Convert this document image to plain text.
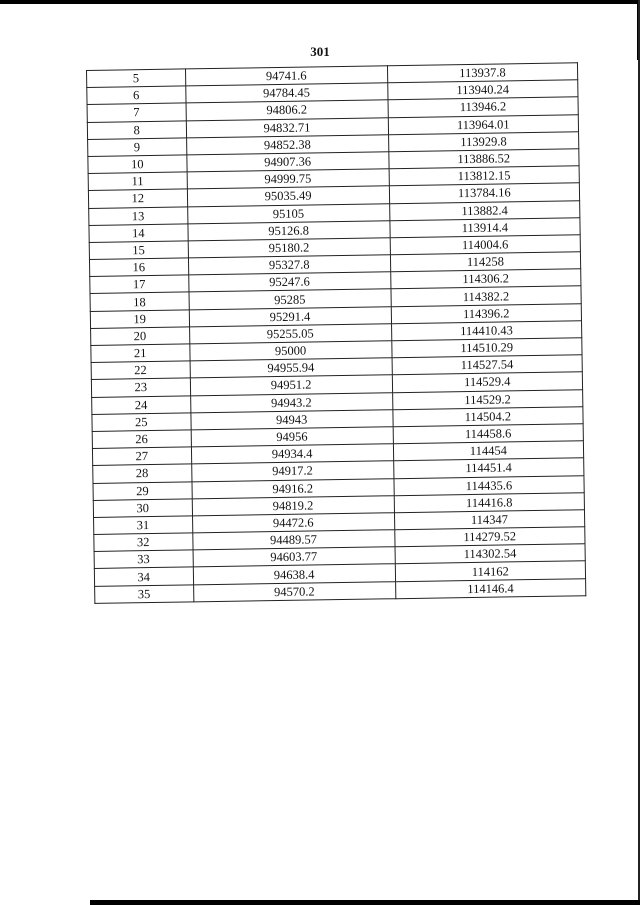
301
5	94741.6	113937.8
6	94784.45	113940.24
7	94806.2	113946.2
8	94832.71	113964.01
9	94852.38	113929.8
10	94907.36	113886.52
11	94999.75	113812.15
12	95035.49	113784.16
13	95105	113882.4
14	95126.8	113914.4
15	95180.2	114004.6
16	95327.8	114258
17	95247.6	114306.2
18	95285	114382.2
19	95291.4	114396.2
20	95255.05	114410.43
21	95000	114510.29
22	94955.94	114527.54
23	94951.2	114529.4
24	94943.2	114529.2
25	94943	114504.2
26	94956	114458.6
27	94934.4	114454
28	94917.2	114451.4
29	94916.2	114435.6
30	94819.2	114416.8
31	94472.6	114347
32	94489.57	114279.52
33	94603.77	114302.54
34	94638.4	114162
35	94570.2	114146.4
